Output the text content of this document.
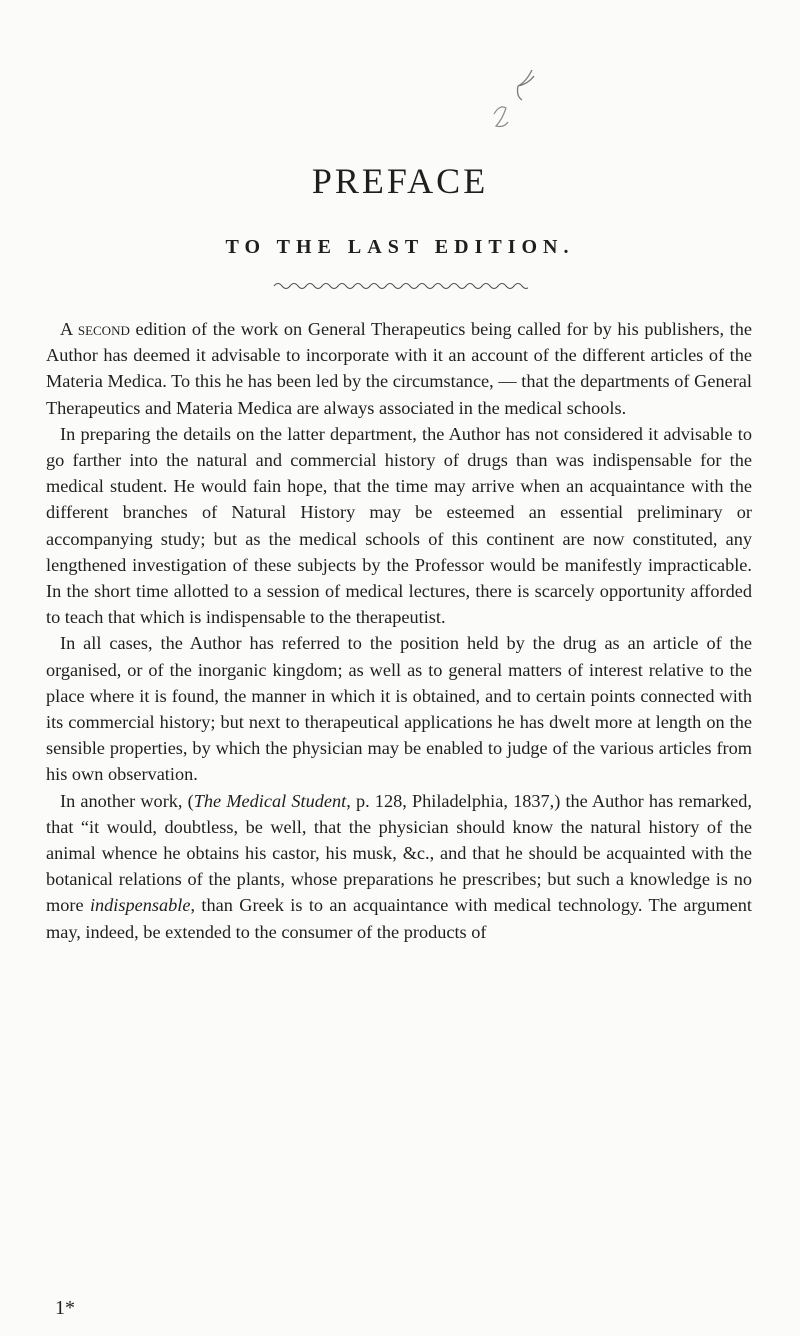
PREFACE
TO THE LAST EDITION.

A second edition of the work on General Therapeutics being called for by his publishers, the Author has deemed it advisable to incorporate with it an account of the different articles of the Materia Medica. To this he has been led by the circumstance, — that the departments of General Therapeutics and Materia Medica are always associated in the medical schools.

In preparing the details on the latter department, the Author has not considered it advisable to go farther into the natural and commercial history of drugs than was indispensable for the medical student. He would fain hope, that the time may arrive when an acquaintance with the different branches of Natural History may be esteemed an essential preliminary or accompanying study; but as the medical schools of this continent are now constituted, any lengthened investigation of these subjects by the Professor would be manifestly impracticable. In the short time allotted to a session of medical lectures, there is scarcely opportunity afforded to teach that which is indispensable to the therapeutist.

In all cases, the Author has referred to the position held by the drug as an article of the organised, or of the inorganic kingdom; as well as to general matters of interest relative to the place where it is found, the manner in which it is obtained, and to certain points connected with its commercial history; but next to therapeutical applications he has dwelt more at length on the sensible properties, by which the physician may be enabled to judge of the various articles from his own observation.

In another work, (The Medical Student, p. 128, Philadelphia, 1837,) the Author has remarked, that “it would, doubtless, be well, that the physician should know the natural history of the animal whence he obtains his castor, his musk, &c., and that he should be acquainted with the botanical relations of the plants, whose preparations he prescribes; but such a knowledge is no more indispensable, than Greek is to an acquaintance with medical technology. The argument may, indeed, be extended to the consumer of the products of

1*
